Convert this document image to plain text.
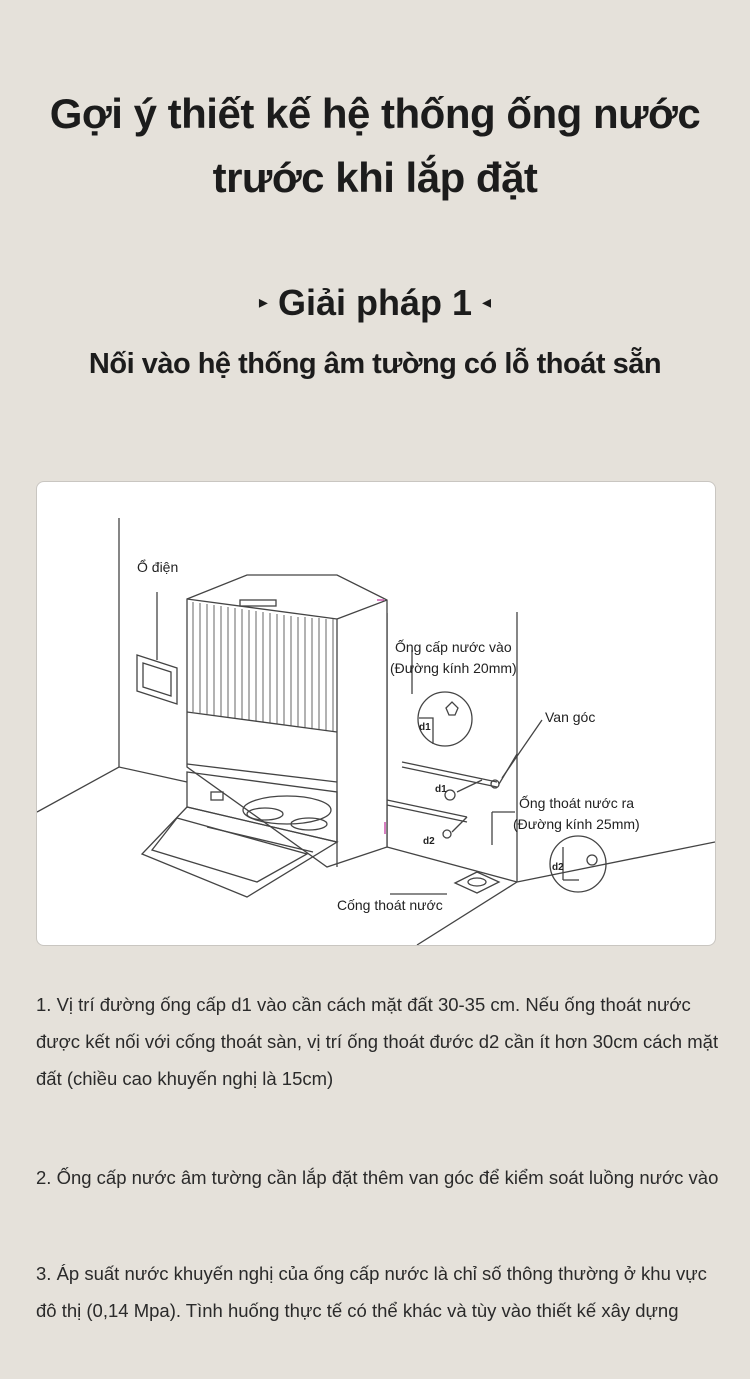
Gợi ý thiết kế hệ thống ống nước
trước khi lắp đặt
▸ Giải pháp 1 ◂
Nối vào hệ thống âm tường có lỗ thoát sẵn
Ổ điện
Ống cấp nước vào
(Đường kính 20mm)
Van góc
Ống thoát nước ra
(Đường kính 25mm)
Cống thoát nước
d1
d1
d2
d2

1. Vị trí đường ống cấp d1 vào cần cách mặt đất 30-35 cm. Nếu ống thoát nước được kết nối với cống thoát sàn, vị trí ống thoát đước d2 cần ít hơn 30cm cách mặt đất (chiều cao khuyến nghị là 15cm)

2. Ống cấp nước âm tường cần lắp đặt thêm van góc để kiểm soát luồng nước vào

3. Áp suất nước khuyến nghị của ống cấp nước là chỉ số thông thường ở khu vực đô thị (0,14 Mpa). Tình huống thực tế có thể khác và tùy vào thiết kế xây dựng
